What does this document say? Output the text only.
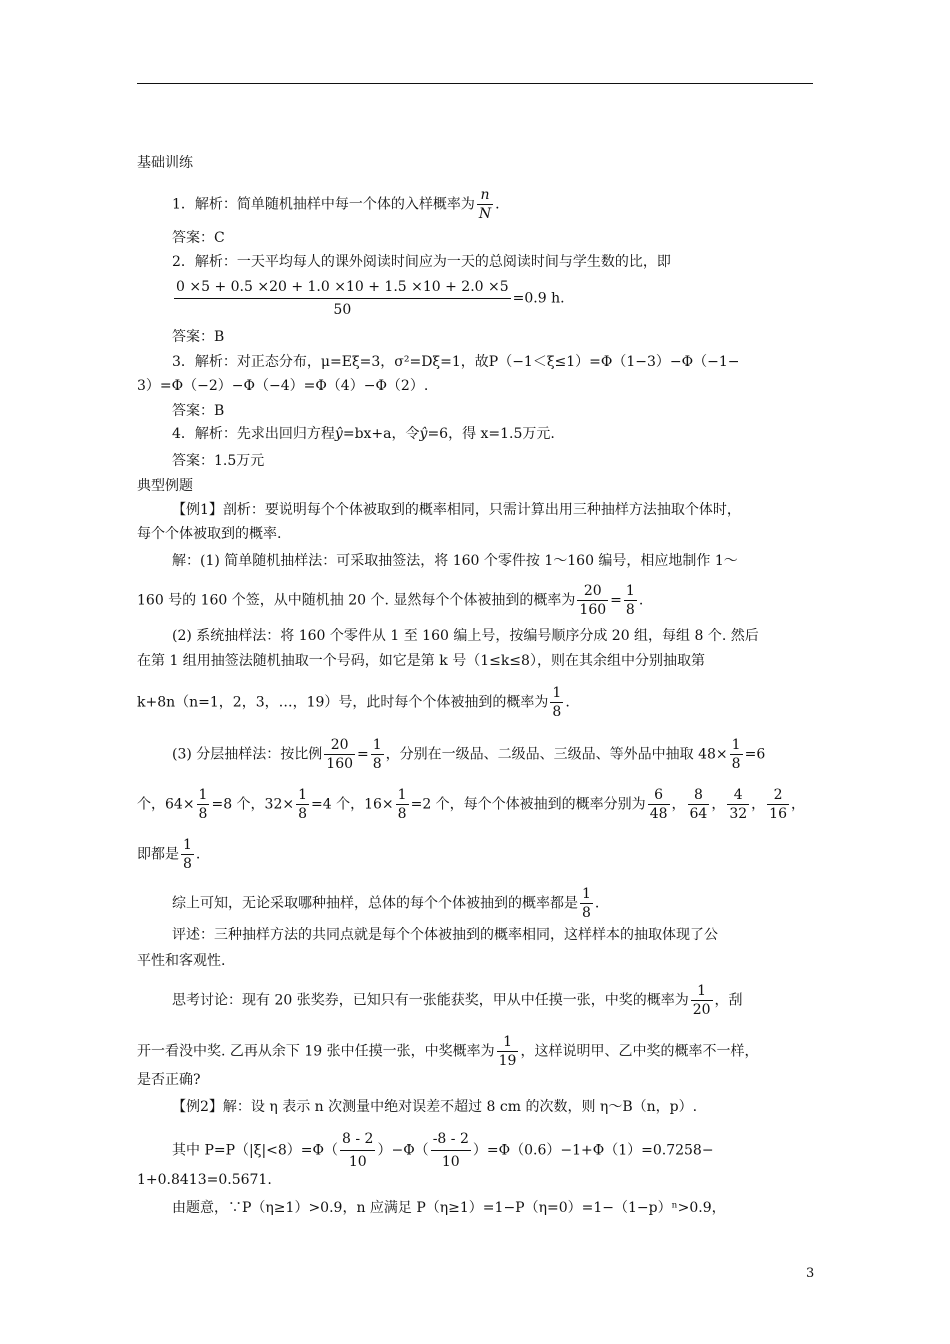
基础训练
1．解析：简单随机抽样中每一个体的入样概率为 $\frac{n}{N}$ .
答案：C
2．解析：一天平均每人的课外阅读时间应为一天的总阅读时间与学生数的比，即
$\frac{0 \times 5 + 0.5 \times 20 + 1.0 \times 10 + 1.5 \times 10 + 2.0 \times 5}{50} =0.9$ h.
答案：B
3．解析：对正态分布，μ=Eξ=3，σ²=Dξ=1，故P（−1＜ξ≤1）=Φ（1−3）−Φ（−1−
3）=Φ（−2）−Φ（−4）=Φ（4）−Φ（2）.
答案：B
4．解析：先求出回归方程ŷ=bx+a，令ŷ=6，得 x=1.5万元.
答案：1.5万元
典型例题
【例1】剖析：要说明每个个体被取到的概率相同，只需计算出用三种抽样方法抽取个体时，
每个个体被取到的概率.
解：(1) 简单随机抽样法：可采取抽签法，将 160 个零件按 1～160 编号，相应地制作 1～
160 号的 160 个签，从中随机抽 20 个. 显然每个个体被抽到的概率为 $\frac{20}{160} = \frac{1}{8}$ .
(2) 系统抽样法：将 160 个零件从 1 至 160 编上号，按编号顺序分成 20 组，每组 8 个. 然后
在第 1 组用抽签法随机抽取一个号码，如它是第 k 号（1≤k≤8），则在其余组中分别抽取第
k+8n（n=1，2，3，…，19）号，此时每个个体被抽到的概率为 $\frac{1}{8}$ .
(3) 分层抽样法：按比例 $\frac{20}{160} = \frac{1}{8}$ ，分别在一级品、二级品、三级品、等外品中抽取 $48\times \frac{1}{8} =6$
个，$64\times \frac{1}{8} =8$ 个，$32\times \frac{1}{8} =4$ 个，$16\times \frac{1}{8} =2$ 个，每个个体被抽到的概率分别为 $\frac{6}{48}$ ， $\frac{8}{64}$ ， $\frac{4}{32}$ ， $\frac{2}{16}$ ，
即都是 $\frac{1}{8}$ .
综上可知，无论采取哪种抽样，总体的每个个体被抽到的概率都是 $\frac{1}{8}$ .
评述：三种抽样方法的共同点就是每个个体被抽到的概率相同，这样样本的抽取体现了公
平性和客观性.
思考讨论：现有 20 张奖券，已知只有一张能获奖，甲从中任摸一张，中奖的概率为 $\frac{1}{20}$ ，刮
开一看没中奖. 乙再从余下 19 张中任摸一张，中奖概率为 $\frac{1}{19}$ ，这样说明甲、乙中奖的概率不一样，
是否正确?
【例2】解：设 η 表示 n 次测量中绝对误差不超过 8 cm 的次数，则 η～B（n，p）.
其中 $P=P(|\xi|<8)=\Phi( \frac{8 - 2}{10} )-\Phi( \frac{-8 - 2}{10} )=\Phi(0.6)-1+\Phi(1)=0.7258-$
1+0.8413=0.5671.
由题意，∵P（η≥1）>0.9，n 应满足 P（η≥1）=1−P（η=0）=1−（1−p）ⁿ>0.9，
3
